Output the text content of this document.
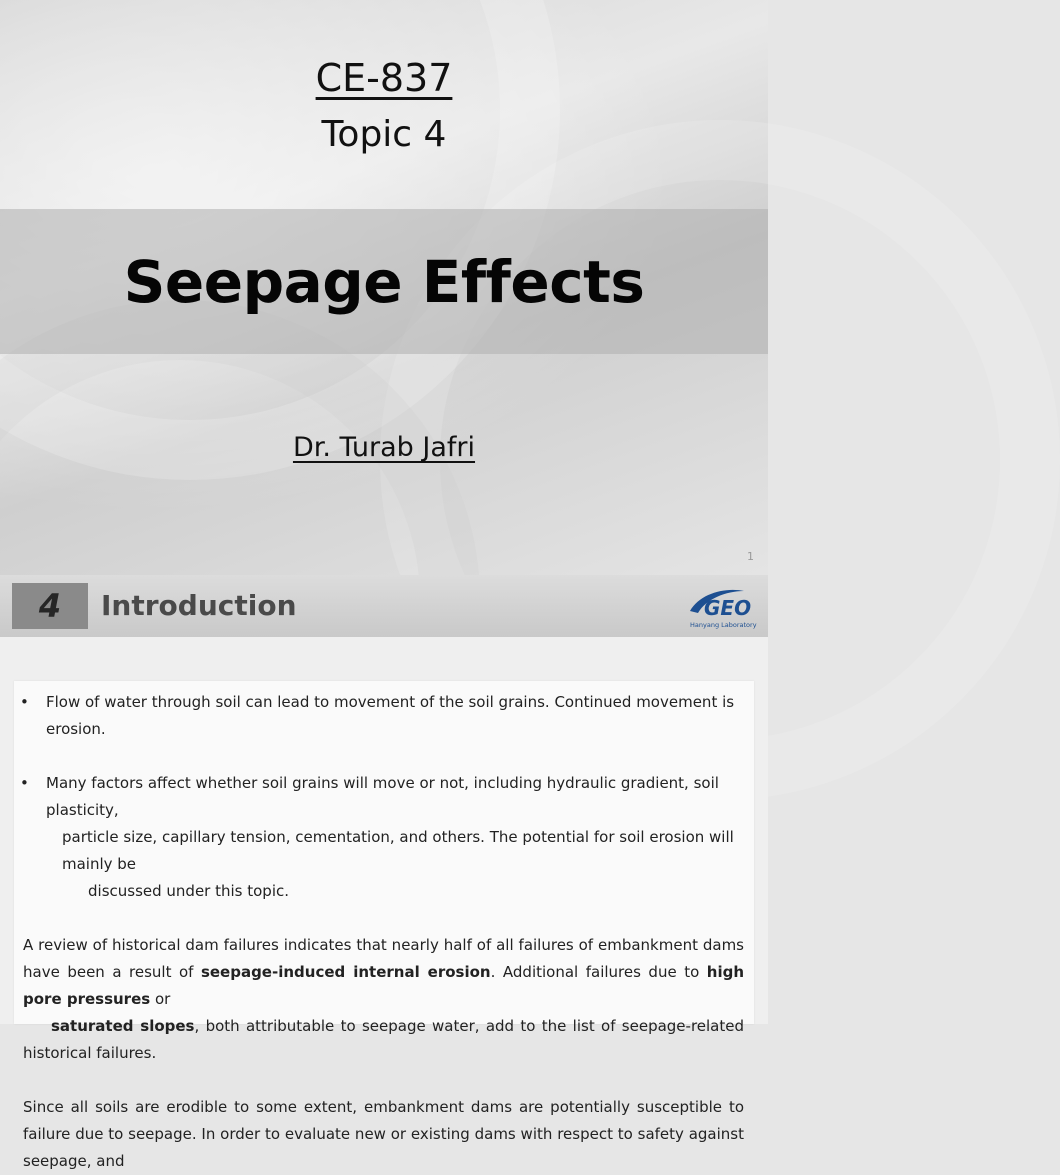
CE-837
Topic 4
Seepage Effects
Dr. Turab Jafri
1
4	Introduction	GEO
Hanyang Laboratory

• Flow of water through soil can lead to movement of the soil grains. Continued movement is erosion.

• Many factors affect whether soil grains will move or not, including hydraulic gradient, soil plasticity,

particle size, capillary tension, cementation, and others. The potential for soil erosion will mainly be

discussed under this topic.

A review of historical dam failures indicates that nearly half of all failures of embankment dams have been a result of seepage-induced internal erosion. Additional failures due to high pore pressures or
saturated slopes, both attributable to seepage water, add to the list of seepage-related historical failures.

Since all soils are erodible to some extent, embankment dams are potentially susceptible to failure due to seepage. In order to evaluate new or existing dams with respect to safety against seepage, and
